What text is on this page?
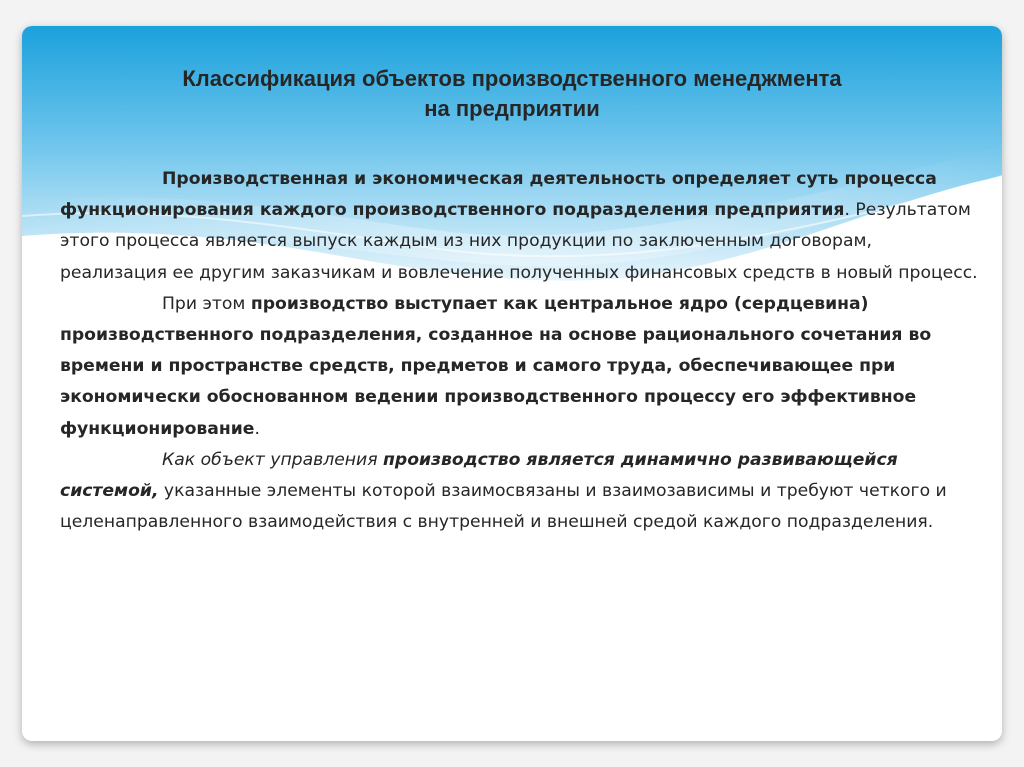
Классификация объектов производственного менеджмента
на предприятии

Производственная и экономическая деятельность определяет суть процесса функционирования каждого производственного подразделения предприятия. Результатом этого процесса является выпуск каждым из них продукции по заключенным договорам, реализация ее другим заказчикам и вовлечение полученных финансовых средств в новый процесс.

При этом производство выступает как центральное ядро (сердцевина) производственного подразделения, созданное на основе рационального сочетания во времени и пространстве средств, предметов и самого труда, обеспечивающее при экономически обоснованном ведении производственного процессу его эффективное функционирование.

Как объект управления производство является динамично развивающейся системой, указанные элементы которой взаимосвязаны и взаимозависимы и требуют четкого и целенаправленного взаимодействия с внутренней и внешней средой каждого подразделения.
